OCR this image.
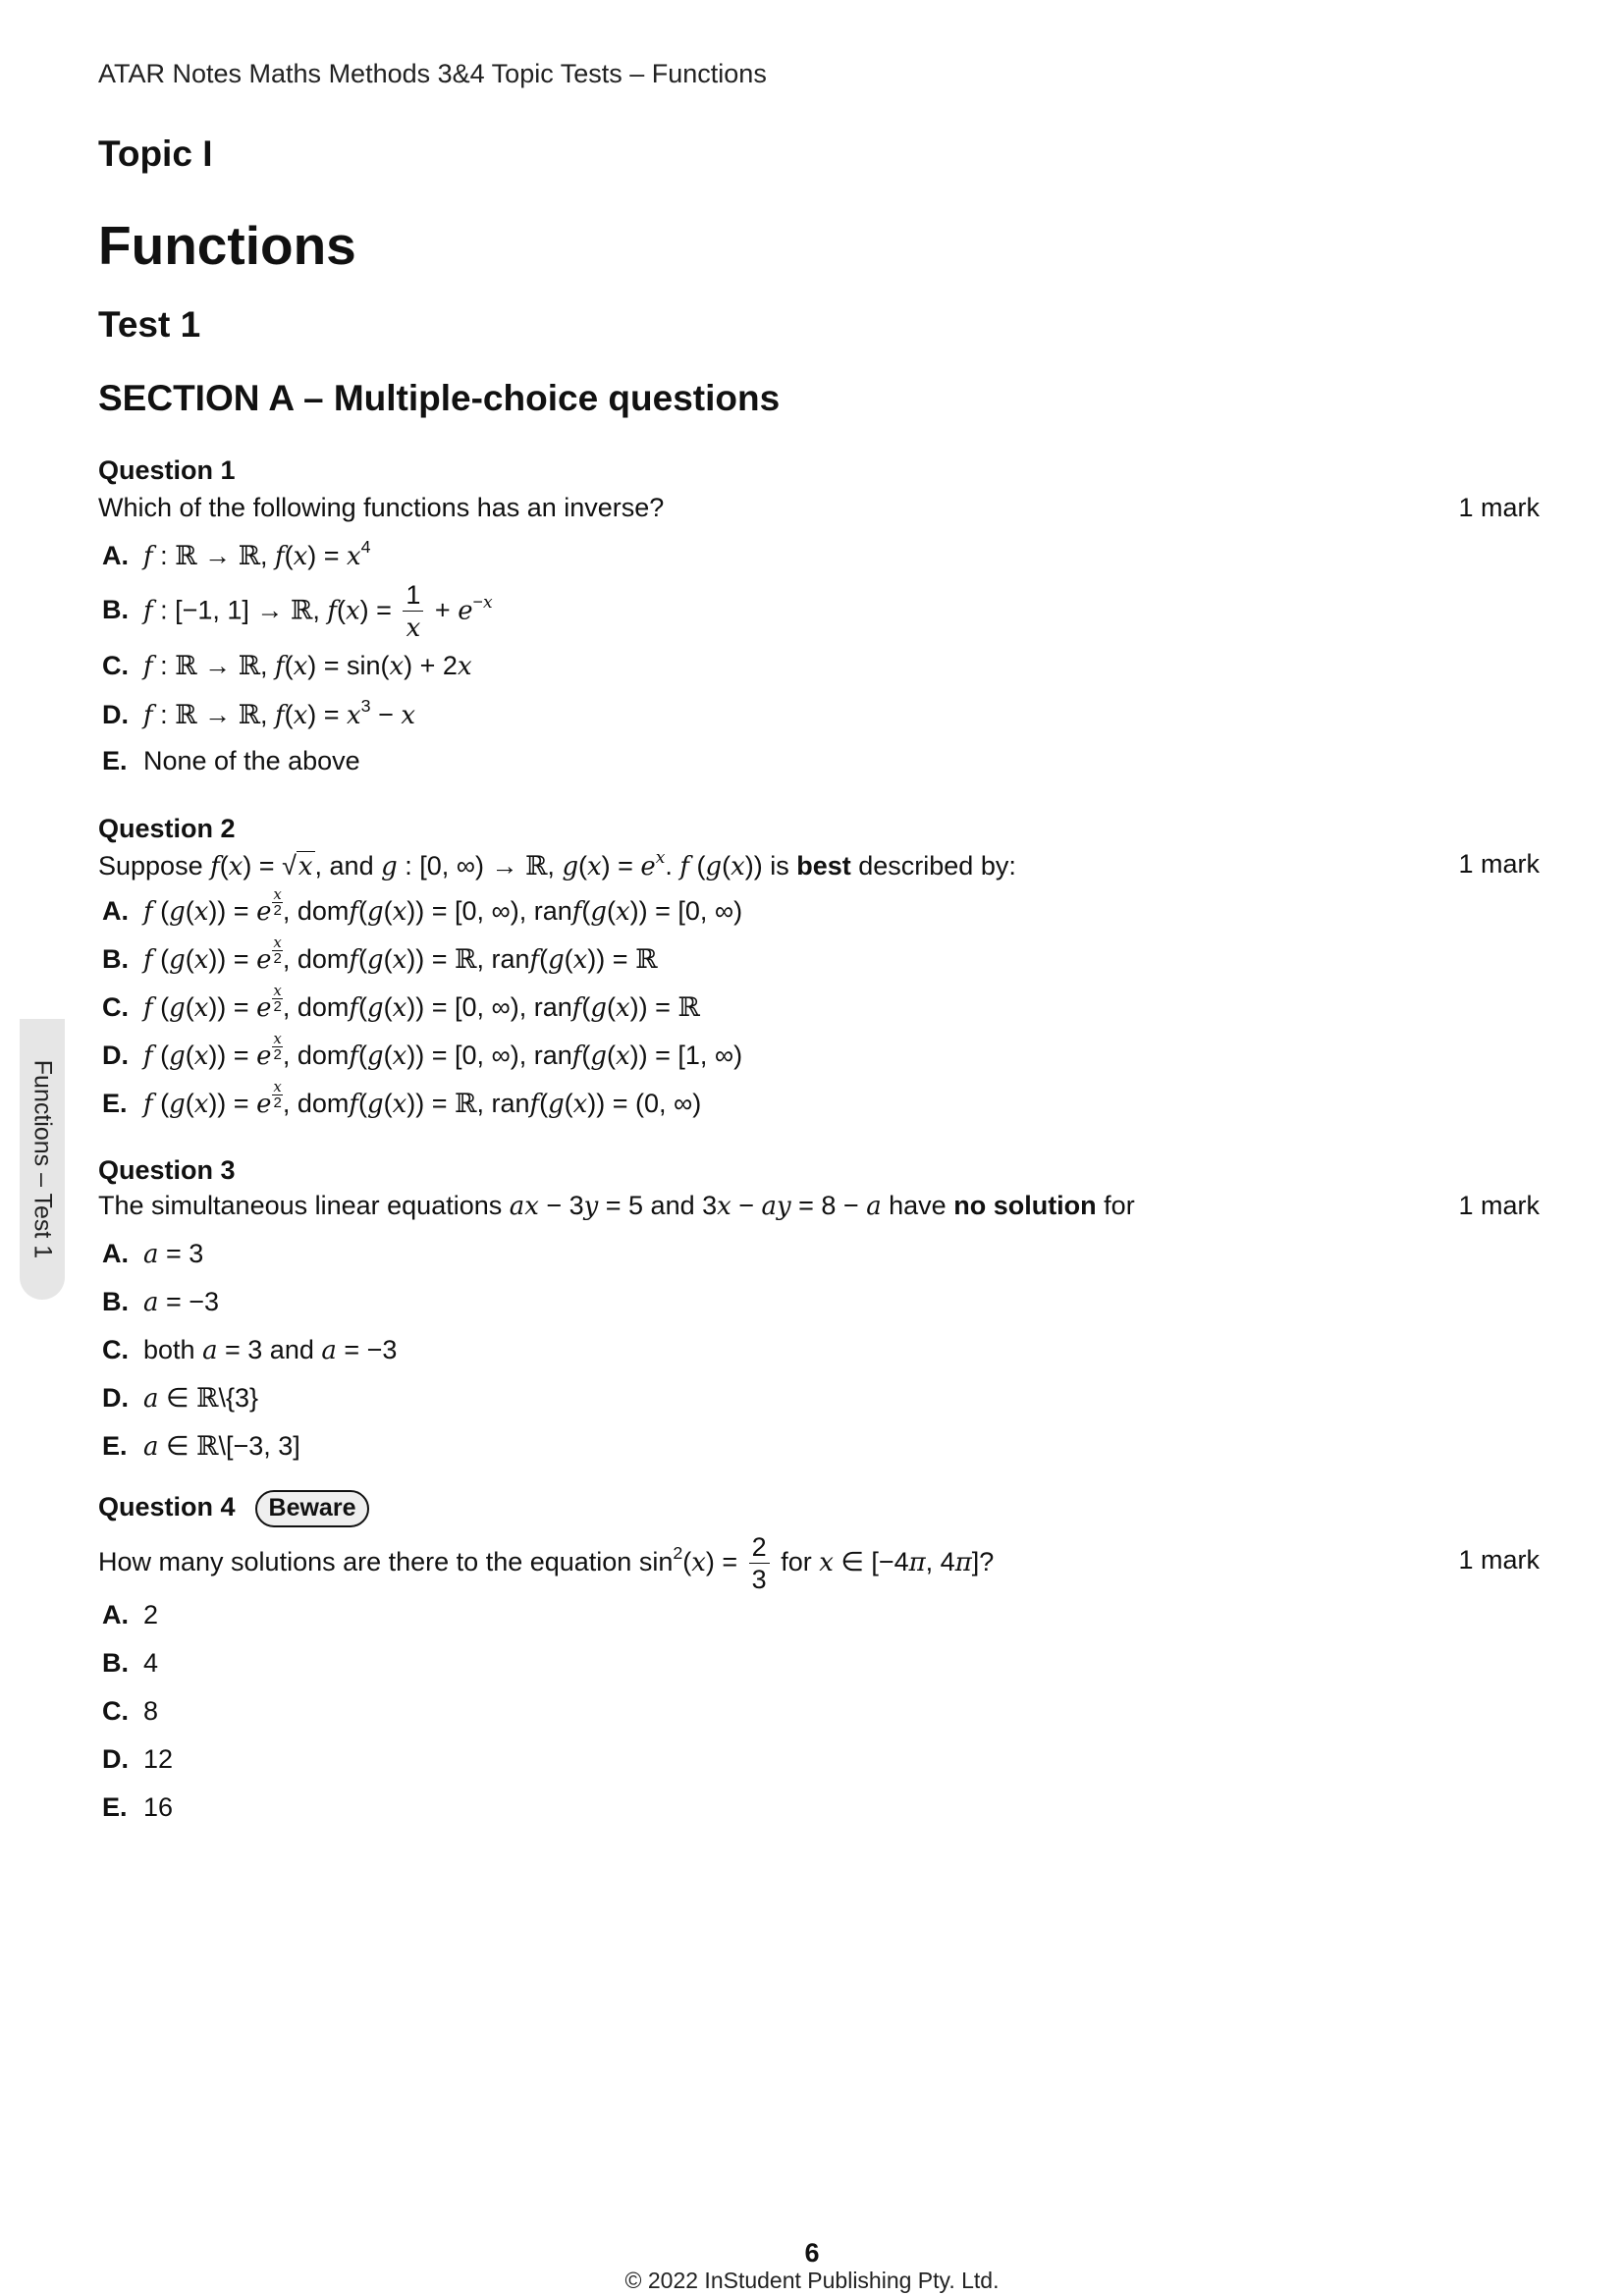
ATAR Notes Maths Methods 3&4 Topic Tests – Functions
Topic I
Functions
Test 1
SECTION A – Multiple-choice questions
Functions – Test 1
Question 1
Which of the following functions has an inverse?	1 mark
A. f : ℝ → ℝ, $f(x) = x^4$
B. f : [−1, 1] → ℝ, $f(x) = \frac{1}{x} + e^{-x}$
C. f : ℝ → ℝ, f(x) = sin(x) + 2x
D. f : ℝ → ℝ, $f(x) = x^3 - x$
E. None of the above
Question 2
Suppose f(x) = √x, and g : [0, ∞) → ℝ, $g(x) = e^x$. f (g(x)) is best described by:	1 mark
A. f (g(x)) = e $\frac{x}{2}$ , domf(g(x)) = [0, ∞), ranf(g(x)) = [0, ∞)
B. f (g(x)) = e $\frac{x}{2}$ , domf(g(x)) = ℝ, ranf(g(x)) = ℝ
C. f (g(x)) = e $\frac{x}{2}$ , domf(g(x)) = [0, ∞), ranf(g(x)) = ℝ
D. f (g(x)) = e $\frac{x}{2}$ , domf(g(x)) = [0, ∞), ranf(g(x)) = [1, ∞)
E. f (g(x)) = e $\frac{x}{2}$ , domf(g(x)) = ℝ, ranf(g(x)) = (0, ∞)
Question 3
The simultaneous linear equations ax − 3y = 5 and 3x − ay = 8 − a have no solution for	1 mark
A. a = 3
B. a = −3
C. both a = 3 and a = −3
D. a ∈ ℝ\{3}
E. a ∈ ℝ\[−3, 3]
Question 4 Beware
How many solutions are there to the equation $\sin^2(x) = \frac{2}{3}$ for x ∈ [−4π, 4π]?	1 mark
A. 2
B. 4
C. 8
D. 12
E. 16
6
© 2022 InStudent Publishing Pty. Ltd.
